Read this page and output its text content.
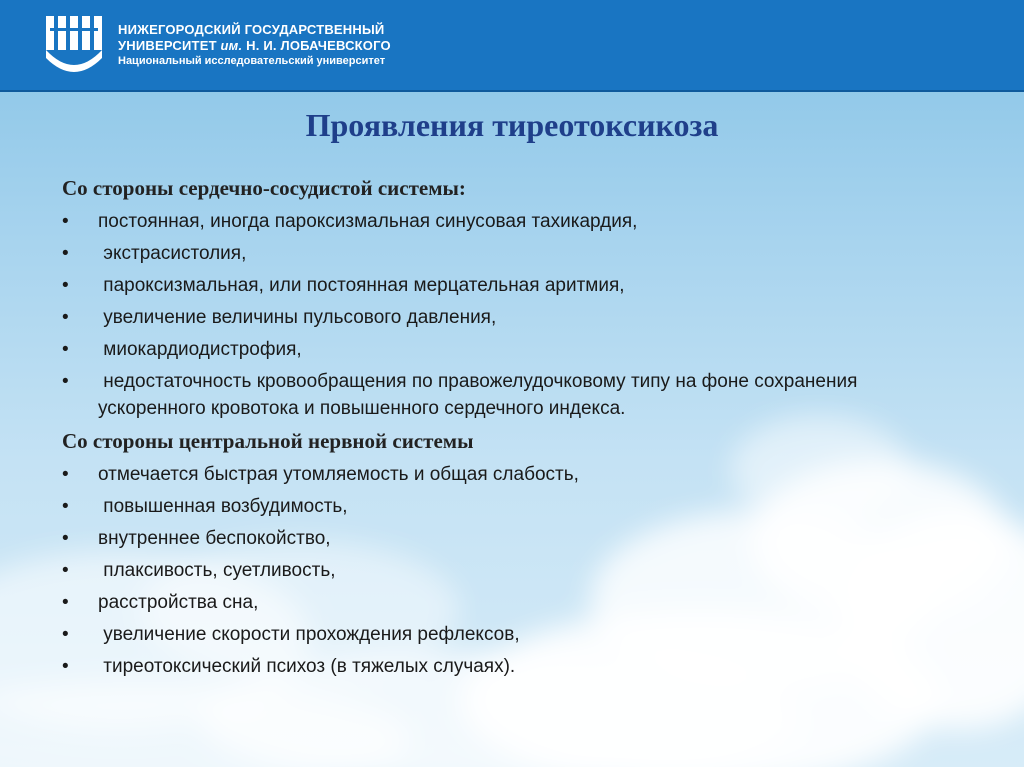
НИЖЕГОРОДСКИЙ ГОСУДАРСТВЕННЫЙ
УНИВЕРСИТЕТ им. Н. И. ЛОБАЧЕВСКОГО
Национальный исследовательский университет
Проявления тиреотоксикоза
Со стороны сердечно-сосудистой системы:
• постоянная, иногда пароксизмальная синусовая тахикардия,
• экстрасистолия,
• пароксизмальная, или постоянная мерцательная аритмия,
• увеличение величины пульсового давления,
• миокардиодистрофия,
• недостаточность кровообращения по правожелудочковому типу на фоне сохранения ускоренного кровотока и повышенного сердечного индекса.
Со стороны центральной нервной системы
• отмечается быстрая утомляемость и общая слабость,
• повышенная возбудимость,
• внутреннее беспокойство,
• плаксивость, суетливость,
• расстройства сна,
• увеличение скорости прохождения рефлексов,
• тиреотоксический психоз (в тяжелых случаях).
